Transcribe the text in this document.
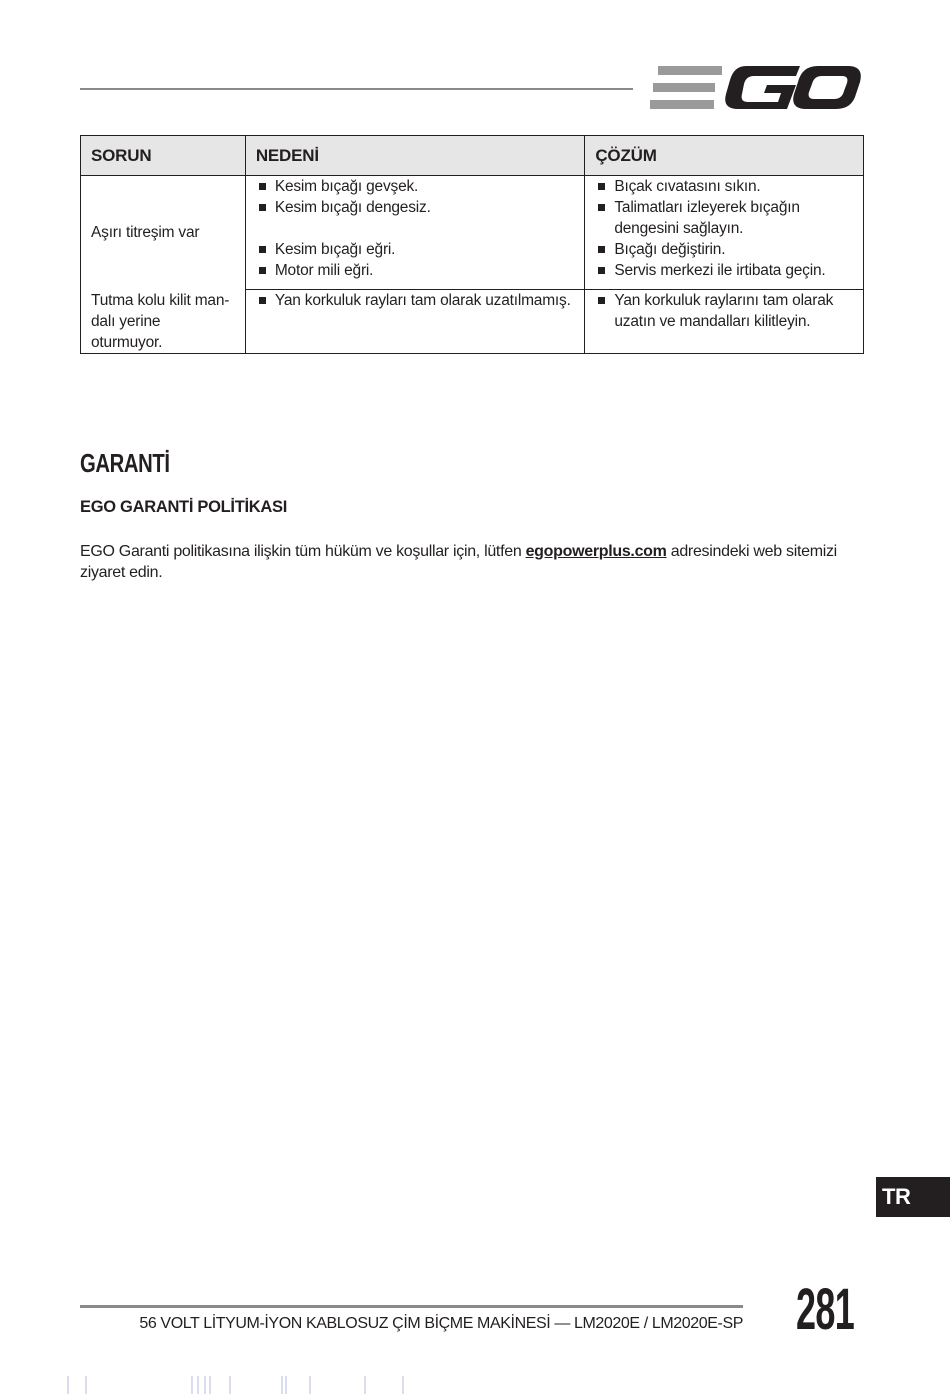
SORUN	NEDENİ	ÇÖZÜM
Aşırı titreşim var	Kesim bıçağı gevşek.	Bıçak cıvatasını sıkın.

	Kesim bıçağı dengesiz.	Talimatları izleyerek bıçağın dengesini sağlayın.

	Kesim bıçağı eğri.	Bıçağı değiştirin.

	Motor mili eğri.	Servis merkezi ile irtibata geçin.

Tutma kolu kilit man-dalı yerine oturmuyor.	Yan korkuluk rayları tam olarak uzatılmamış.	Yan korkuluk raylarını tam olarak uzatın ve mandalları kilitleyin.
GARANTİ
EGO GARANTİ POLİTİKASI

EGO Garanti politikasına ilişkin tüm hüküm ve koşullar için, lütfen egopowerplus.com adresindeki web sitemizi ziyaret edin.

TR
56 VOLT LİTYUM-İYON KABLOSUZ ÇİM BİÇME MAKİNESİ — LM2020E / LM2020E-SP 281
